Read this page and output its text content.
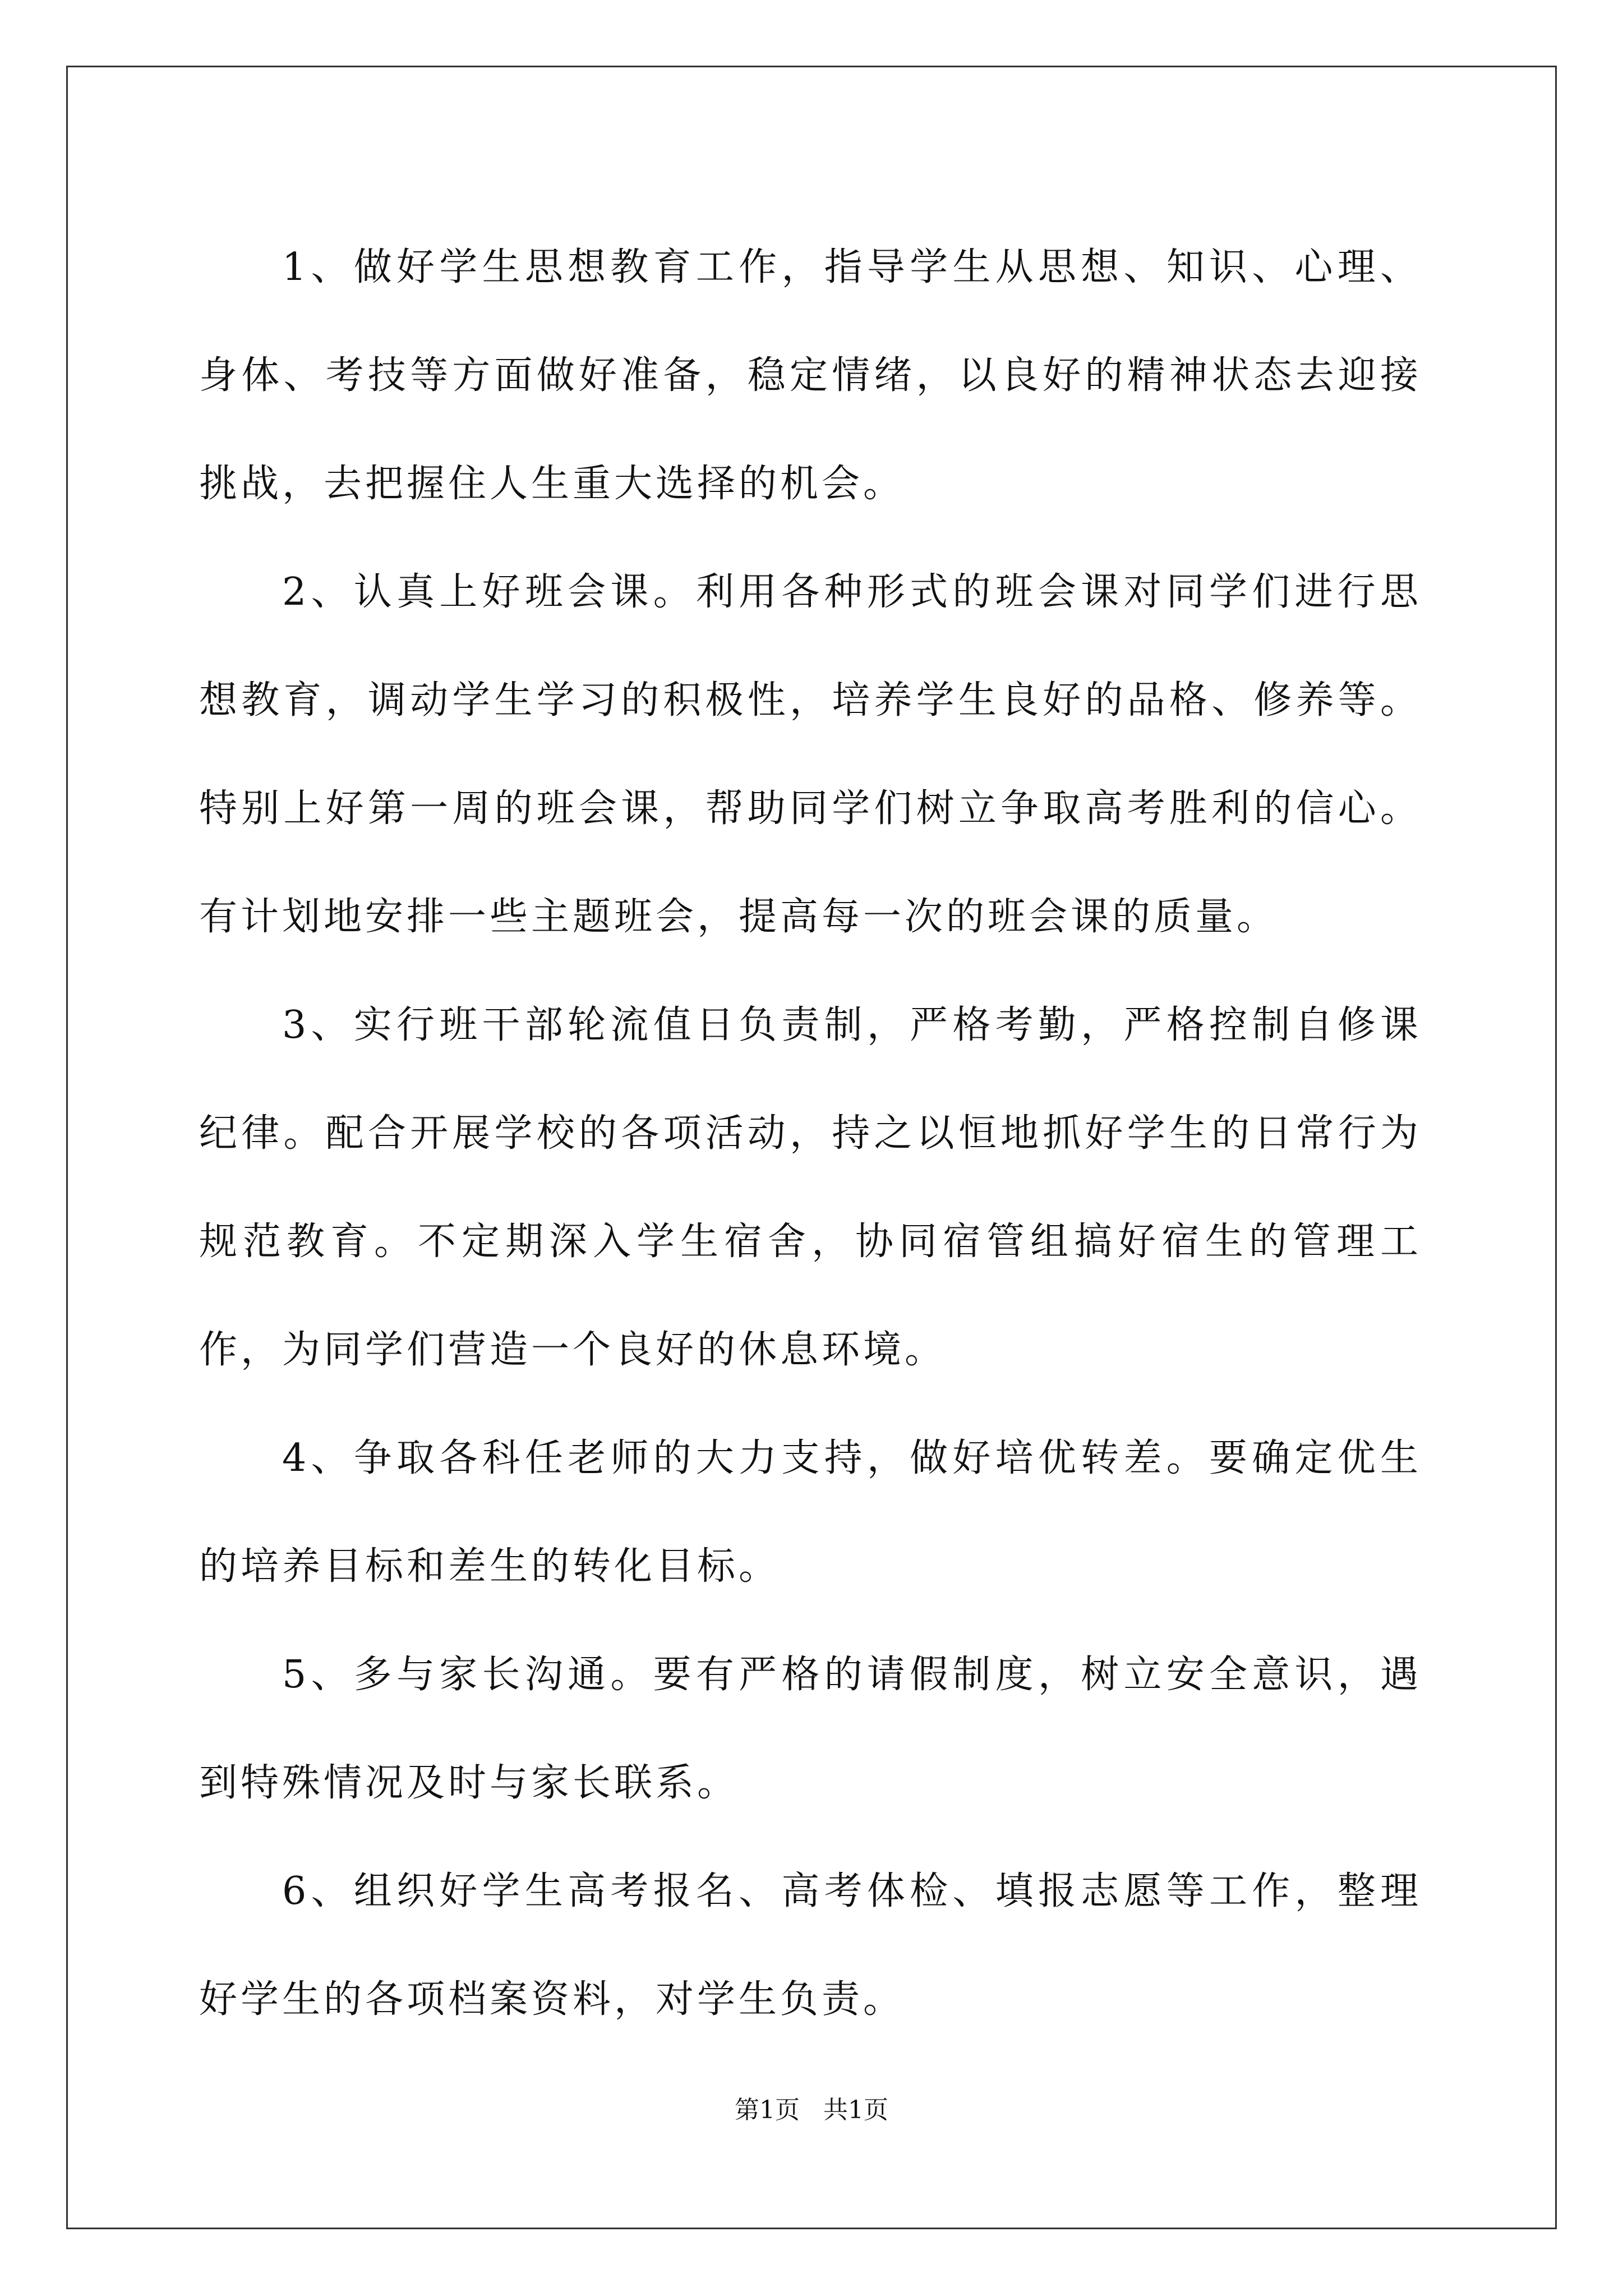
1、做好学生思想教育工作，指导学生从思想、知识、心理、身体、考技等方面做好准备，稳定情绪，以良好的精神状态去迎接挑战，去把握住人生重大选择的机会。

2、认真上好班会课。利用各种形式的班会课对同学们进行思想教育，调动学生学习的积极性，培养学生良好的品格、修养等。特别上好第一周的班会课，帮助同学们树立争取高考胜利的信心。有计划地安排一些主题班会，提高每一次的班会课的质量。

3、实行班干部轮流值日负责制，严格考勤，严格控制自修课纪律。配合开展学校的各项活动，持之以恒地抓好学生的日常行为规范教育。不定期深入学生宿舍，协同宿管组搞好宿生的管理工作，为同学们营造一个良好的休息环境。

4、争取各科任老师的大力支持，做好培优转差。要确定优生的培养目标和差生的转化目标。

5、多与家长沟通。要有严格的请假制度，树立安全意识，遇到特殊情况及时与家长联系。

6、组织好学生高考报名、高考体检、填报志愿等工作，整理好学生的各项档案资料，对学生负责。

第1页   共1页
